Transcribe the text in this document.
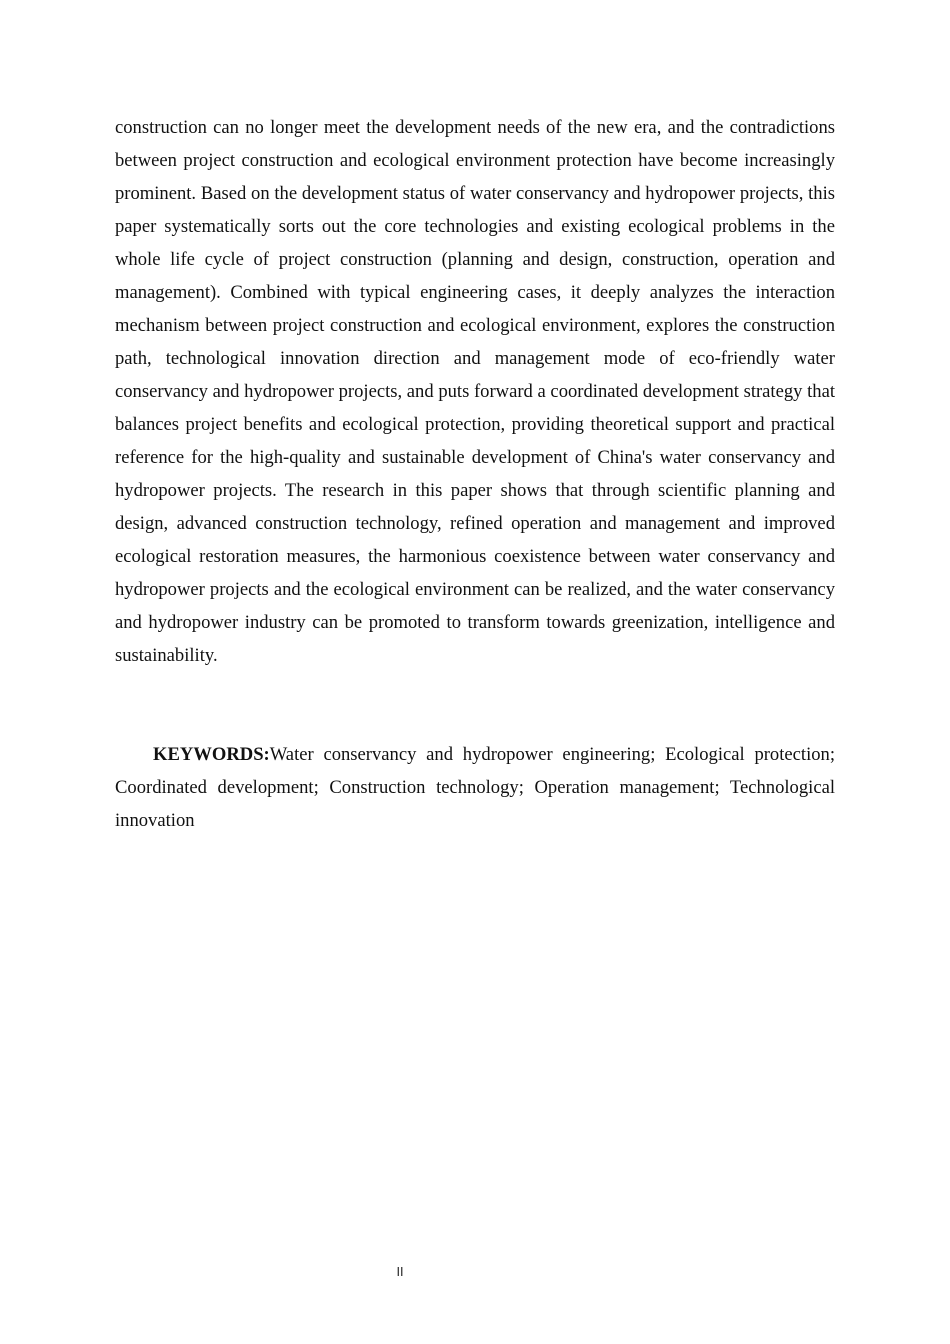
construction can no longer meet the development needs of the new era, and the contradictions between project construction and ecological environment protection have become increasingly prominent. Based on the development status of water conservancy and hydropower projects, this paper systematically sorts out the core technologies and existing ecological problems in the whole life cycle of project construction (planning and design, construction, operation and management). Combined with typical engineering cases, it deeply analyzes the interaction mechanism between project construction and ecological environment, explores the construction path, technological innovation direction and management mode of eco-friendly water conservancy and hydropower projects, and puts forward a coordinated development strategy that balances project benefits and ecological protection, providing theoretical support and practical reference for the high-quality and sustainable development of China's water conservancy and hydropower projects. The research in this paper shows that through scientific planning and design, advanced construction technology, refined operation and management and improved ecological restoration measures, the harmonious coexistence between water conservancy and hydropower projects and the ecological environment can be realized, and the water conservancy and hydropower industry can be promoted to transform towards greenization, intelligence and sustainability.

KEYWORDS:Water conservancy and hydropower engineering; Ecological protection; Coordinated development; Construction technology; Operation management; Technological innovation

II
